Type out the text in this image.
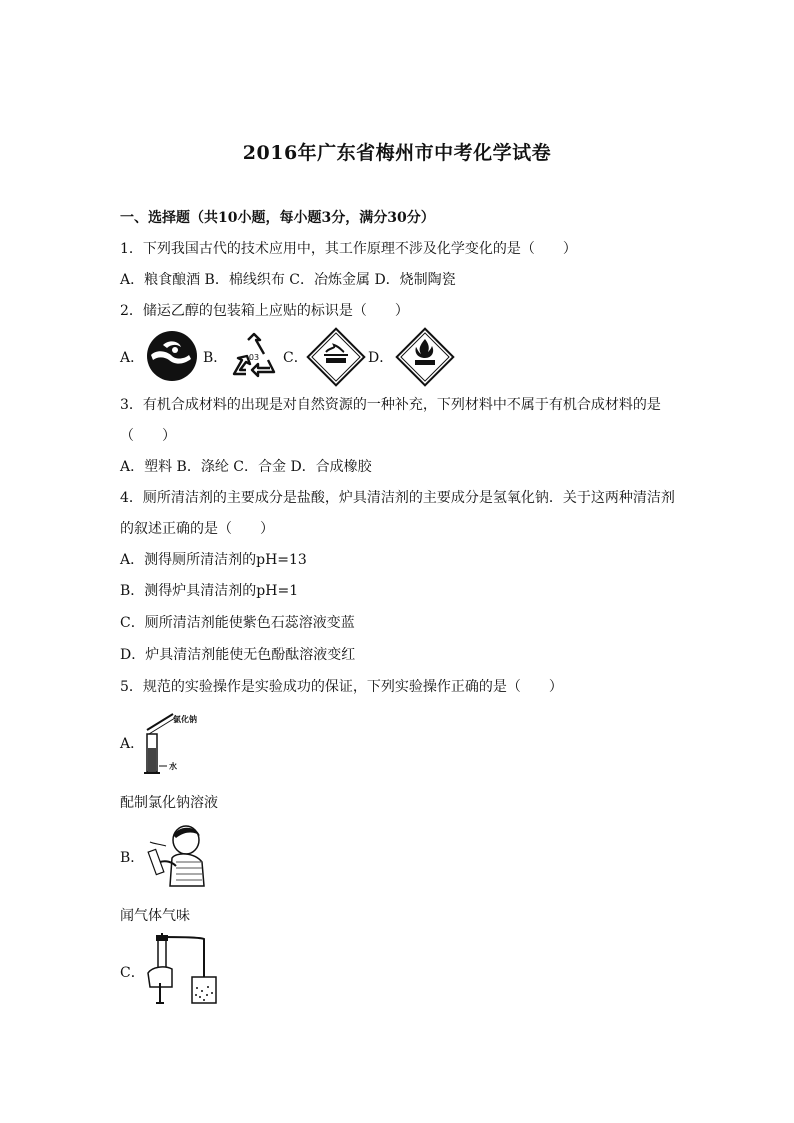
2016年广东省梅州市中考化学试卷
一、选择题（共10小题，每小题3分，满分30分）
1．下列我国古代的技术应用中，其工作原理不涉及化学变化的是（　　）
A．粮食酿酒 B．棉线织布 C．冶炼金属 D．烧制陶瓷
2．储运乙醇的包装箱上应贴的标识是（　　）
A．	B．	03 C．	D．
3．有机合成材料的出现是对自然资源的一种补充，下列材料中不属于有机合成材料的是
（　　）
A．塑料 B．涤纶 C．合金 D．合成橡胶
4．厕所清洁剂的主要成分是盐酸，炉具清洁剂的主要成分是氢氧化钠．关于这两种清洁剂
的叙述正确的是（　　）
A．测得厕所清洁剂的pH=13
B．测得炉具清洁剂的pH=1
C．厕所清洁剂能使紫色石蕊溶液变蓝
D．炉具清洁剂能使无色酚酞溶液变红
5．规范的实验操作是实验成功的保证，下列实验操作正确的是（　　）
A．
氯化钠
水
配制氯化钠溶液
B．
闻气体气味
C．
